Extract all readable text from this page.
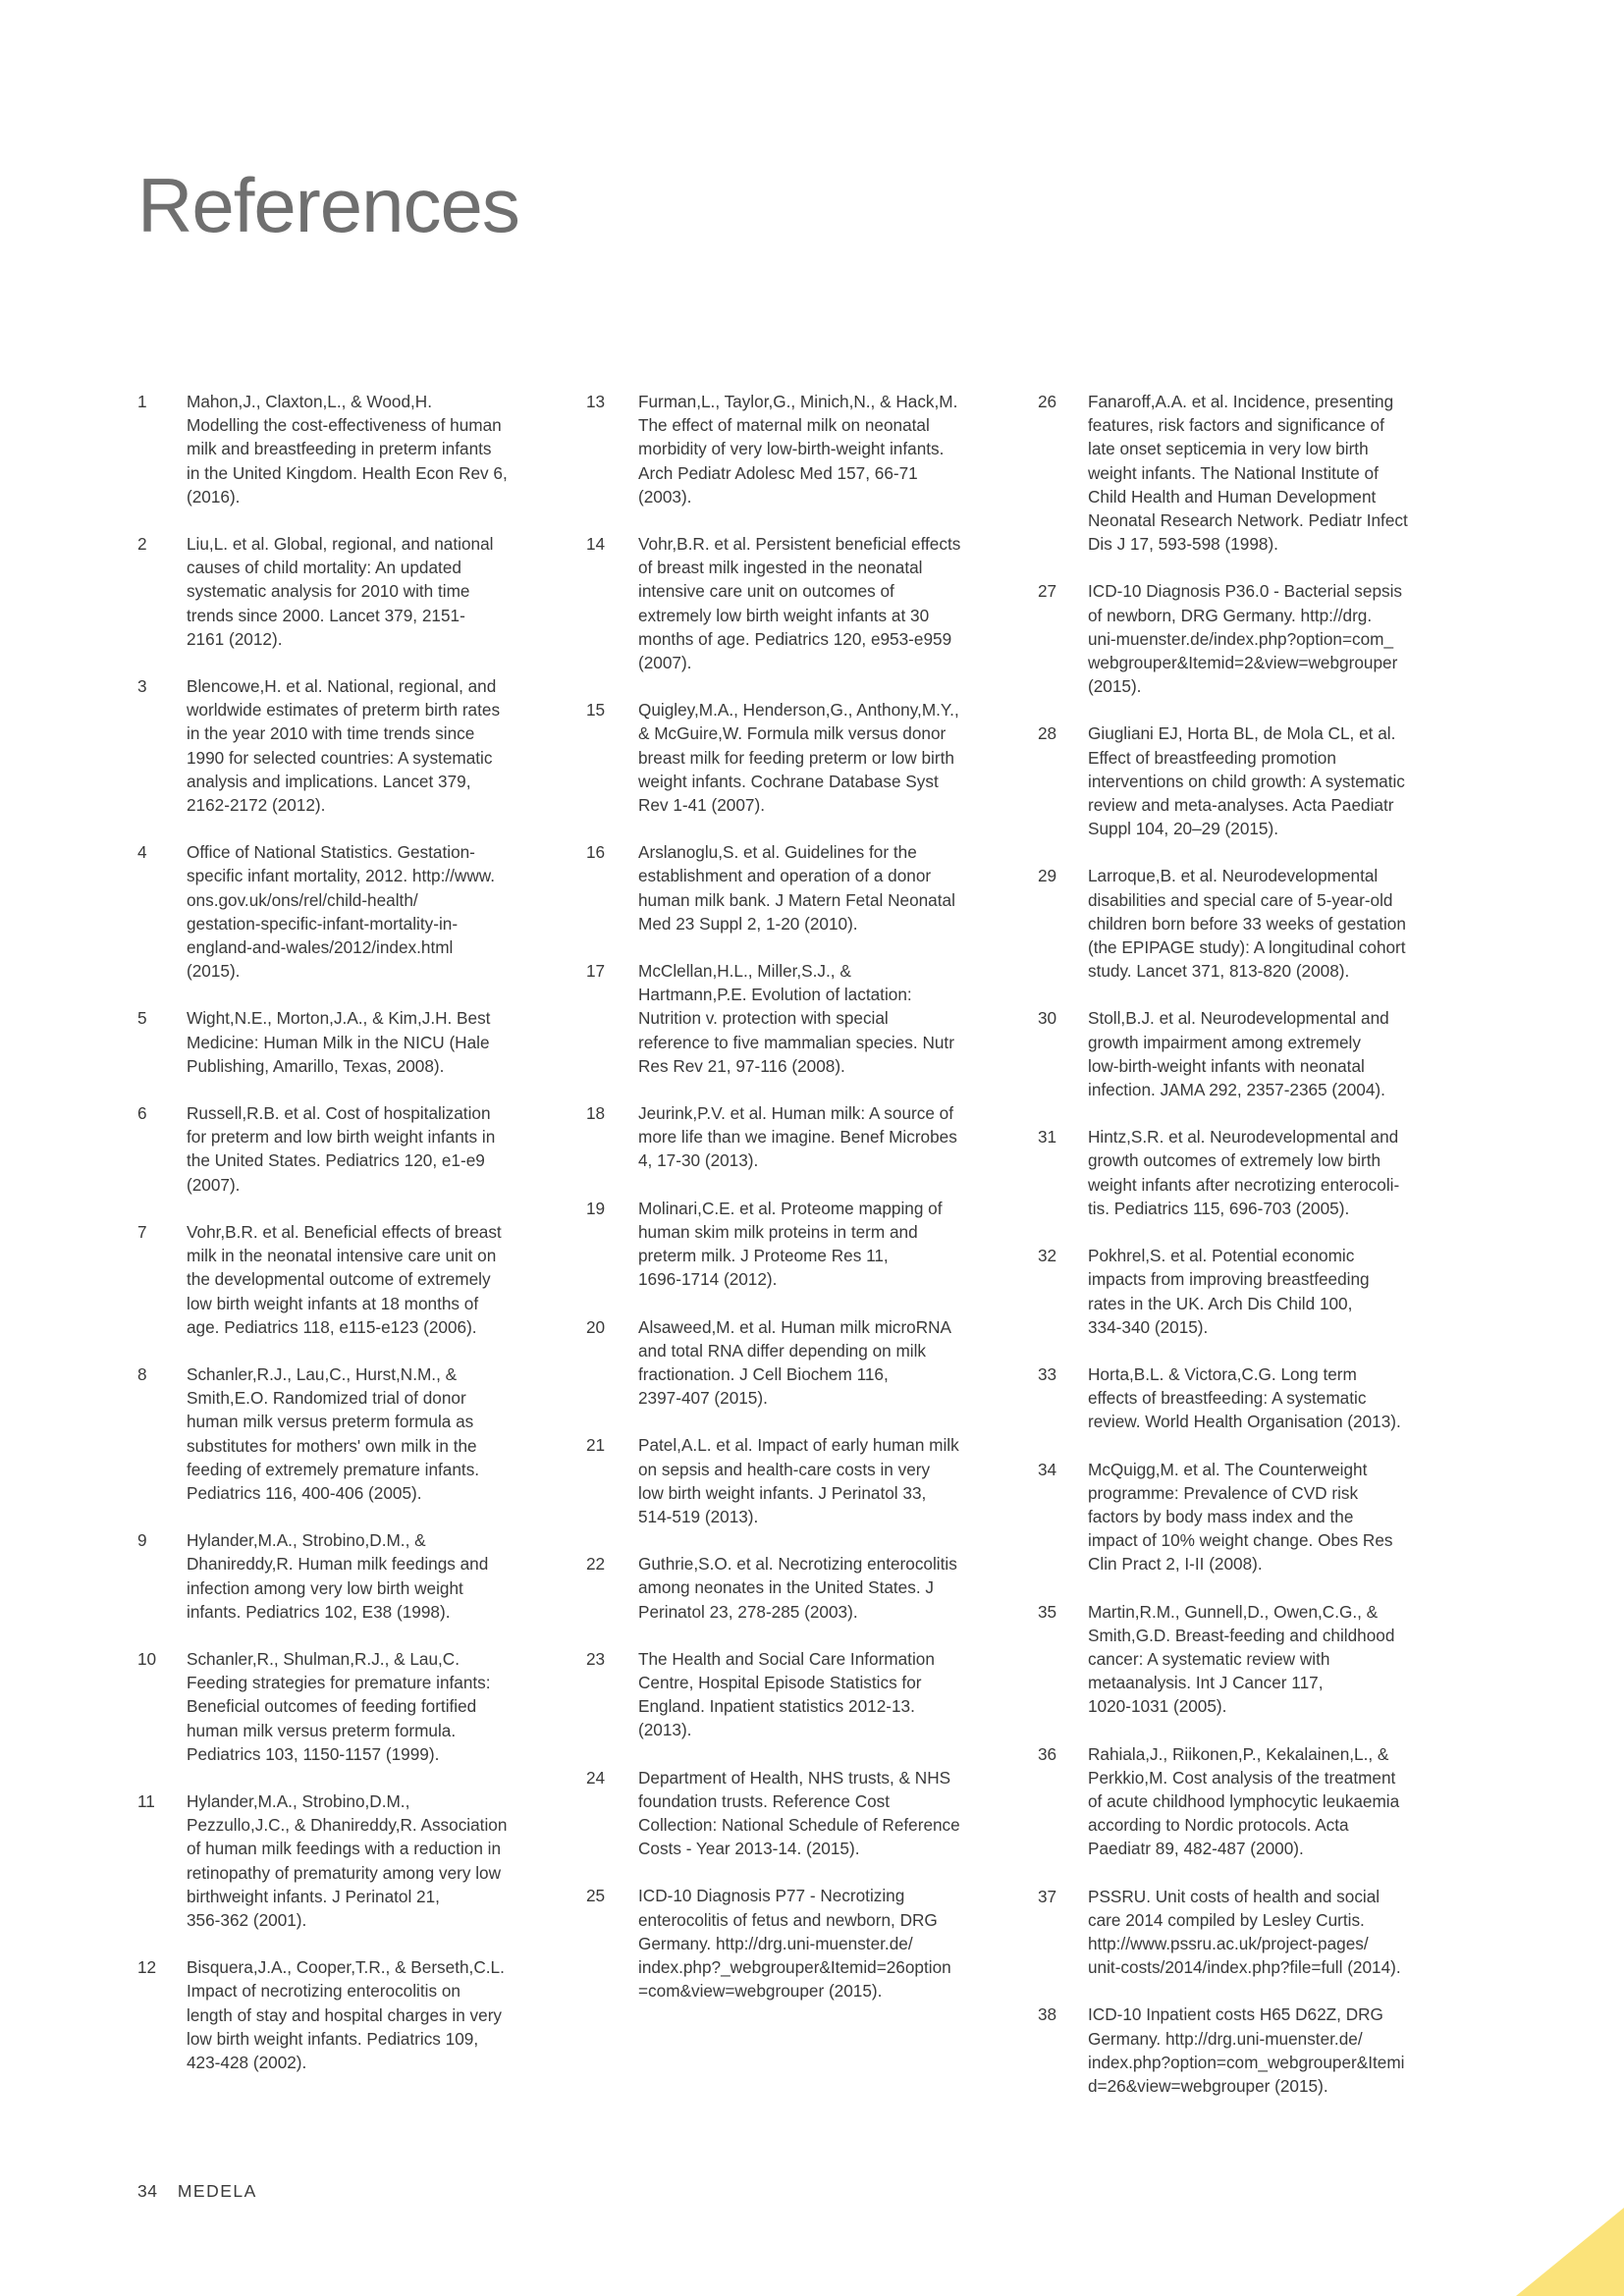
References
1	Mahon,J., Claxton,L., & Wood,H.
Modelling the cost-effectiveness of human
milk and breastfeeding in preterm infants
in the United Kingdom. Health Econ Rev 6,
(2016).
2	Liu,L. et al. Global, regional, and national
causes of child mortality: An updated
systematic analysis for 2010 with time
trends since 2000. Lancet 379, 2151-
2161 (2012).
3	Blencowe,H. et al. National, regional, and
worldwide estimates of preterm birth rates
in the year 2010 with time trends since
1990 for selected countries: A systematic
analysis and implications. Lancet 379,
2162-2172 (2012).
4	Office of National Statistics. Gestation-
specific infant mortality, 2012. http://www.
ons.gov.uk/ons/rel/child-health/
gestation-specific-infant-mortality-in-
england-and-wales/2012/index.html
(2015).
5	Wight,N.E., Morton,J.A., & Kim,J.H. Best
Medicine: Human Milk in the NICU (Hale
Publishing, Amarillo, Texas, 2008).
6	Russell,R.B. et al. Cost of hospitalization
for preterm and low birth weight infants in
the United States. Pediatrics 120, e1-e9
(2007).
7	Vohr,B.R. et al. Beneficial effects of breast
milk in the neonatal intensive care unit on
the developmental outcome of extremely
low birth weight infants at 18 months of
age. Pediatrics 118, e115-e123 (2006).
8	Schanler,R.J., Lau,C., Hurst,N.M., &
Smith,E.O. Randomized trial of donor
human milk versus preterm formula as
substitutes for mothers' own milk in the
feeding of extremely premature infants.
Pediatrics 116, 400-406 (2005).
9	Hylander,M.A., Strobino,D.M., &
Dhanireddy,R. Human milk feedings and
infection among very low birth weight
infants. Pediatrics 102, E38 (1998).
10	Schanler,R., Shulman,R.J., & Lau,C.
Feeding strategies for premature infants:
Beneficial outcomes of feeding fortified
human milk versus preterm formula.
Pediatrics 103, 1150-1157 (1999).
11	Hylander,M.A., Strobino,D.M.,
Pezzullo,J.C., & Dhanireddy,R. Association
of human milk feedings with a reduction in
retinopathy of prematurity among very low
birthweight infants. J Perinatol 21,
356-362 (2001).
12	Bisquera,J.A., Cooper,T.R., & Berseth,C.L.
Impact of necrotizing enterocolitis on
length of stay and hospital charges in very
low birth weight infants. Pediatrics 109,
423-428 (2002).
13	Furman,L., Taylor,G., Minich,N., & Hack,M.
The effect of maternal milk on neonatal
morbidity of very low-birth-weight infants.
Arch Pediatr Adolesc Med 157, 66-71
(2003).
14	Vohr,B.R. et al. Persistent beneficial effects
of breast milk ingested in the neonatal
intensive care unit on outcomes of
extremely low birth weight infants at 30
months of age. Pediatrics 120, e953-e959
(2007).
15	Quigley,M.A., Henderson,G., Anthony,M.Y.,
& McGuire,W. Formula milk versus donor
breast milk for feeding preterm or low birth
weight infants. Cochrane Database Syst
Rev 1-41 (2007).
16	Arslanoglu,S. et al. Guidelines for the
establishment and operation of a donor
human milk bank. J Matern Fetal Neonatal
Med 23 Suppl 2, 1-20 (2010).
17	McClellan,H.L., Miller,S.J., &
Hartmann,P.E. Evolution of lactation:
Nutrition v. protection with special
reference to five mammalian species. Nutr
Res Rev 21, 97-116 (2008).
18	Jeurink,P.V. et al. Human milk: A source of
more life than we imagine. Benef Microbes
4, 17-30 (2013).
19	Molinari,C.E. et al. Proteome mapping of
human skim milk proteins in term and
preterm milk. J Proteome Res 11,
1696-1714 (2012).
20	Alsaweed,M. et al. Human milk microRNA
and total RNA differ depending on milk
fractionation. J Cell Biochem 116,
2397-407 (2015).
21	Patel,A.L. et al. Impact of early human milk
on sepsis and health-care costs in very
low birth weight infants. J Perinatol 33,
514-519 (2013).
22	Guthrie,S.O. et al. Necrotizing enterocolitis
among neonates in the United States. J
Perinatol 23, 278-285 (2003).
23	The Health and Social Care Information
Centre, Hospital Episode Statistics for
England. Inpatient statistics 2012-13.
(2013).
24	Department of Health, NHS trusts, & NHS
foundation trusts. Reference Cost
Collection: National Schedule of Reference
Costs - Year 2013-14. (2015).
25	ICD-10 Diagnosis P77 - Necrotizing
enterocolitis of fetus and newborn, DRG
Germany. http://drg.uni-muenster.de/
index.php?_webgrouper&Itemid=26option
=com&view=webgrouper (2015).
26	Fanaroff,A.A. et al. Incidence, presenting
features, risk factors and significance of
late onset septicemia in very low birth
weight infants. The National Institute of
Child Health and Human Development
Neonatal Research Network. Pediatr Infect
Dis J 17, 593-598 (1998).
27	ICD-10 Diagnosis P36.0 - Bacterial sepsis
of newborn, DRG Germany. http://drg.
uni-muenster.de/index.php?option=com_
webgrouper&Itemid=2&view=webgrouper
(2015).
28	Giugliani EJ, Horta BL, de Mola CL, et al.
Effect of breastfeeding promotion
interventions on child growth: A systematic
review and meta-analyses. Acta Paediatr
Suppl 104, 20–29 (2015).
29	Larroque,B. et al. Neurodevelopmental
disabilities and special care of 5-year-old
children born before 33 weeks of gestation
(the EPIPAGE study): A longitudinal cohort
study. Lancet 371, 813-820 (2008).
30	Stoll,B.J. et al. Neurodevelopmental and
growth impairment among extremely
low-birth-weight infants with neonatal
infection. JAMA 292, 2357-2365 (2004).
31	Hintz,S.R. et al. Neurodevelopmental and
growth outcomes of extremely low birth
weight infants after necrotizing enterocoli-
tis. Pediatrics 115, 696-703 (2005).
32	Pokhrel,S. et al. Potential economic
impacts from improving breastfeeding
rates in the UK. Arch Dis Child 100,
334-340 (2015).
33	Horta,B.L. & Victora,C.G. Long term
effects of breastfeeding: A systematic
review. World Health Organisation (2013).
34	McQuigg,M. et al. The Counterweight
programme: Prevalence of CVD risk
factors by body mass index and the
impact of 10% weight change. Obes Res
Clin Pract 2, I-II (2008).
35	Martin,R.M., Gunnell,D., Owen,C.G., &
Smith,G.D. Breast-feeding and childhood
cancer: A systematic review with
metaanalysis. Int J Cancer 117,
1020-1031 (2005).
36	Rahiala,J., Riikonen,P., Kekalainen,L., &
Perkkio,M. Cost analysis of the treatment
of acute childhood lymphocytic leukaemia
according to Nordic protocols. Acta
Paediatr 89, 482-487 (2000).
37	PSSRU. Unit costs of health and social
care 2014 compiled by Lesley Curtis.
http://www.pssru.ac.uk/project-pages/
unit-costs/2014/index.php?file=full (2014).
38	ICD-10 Inpatient costs H65 D62Z, DRG
Germany. http://drg.uni-muenster.de/
index.php?option=com_webgrouper&Itemi
d=26&view=webgrouper (2015).
34 MEDELA
